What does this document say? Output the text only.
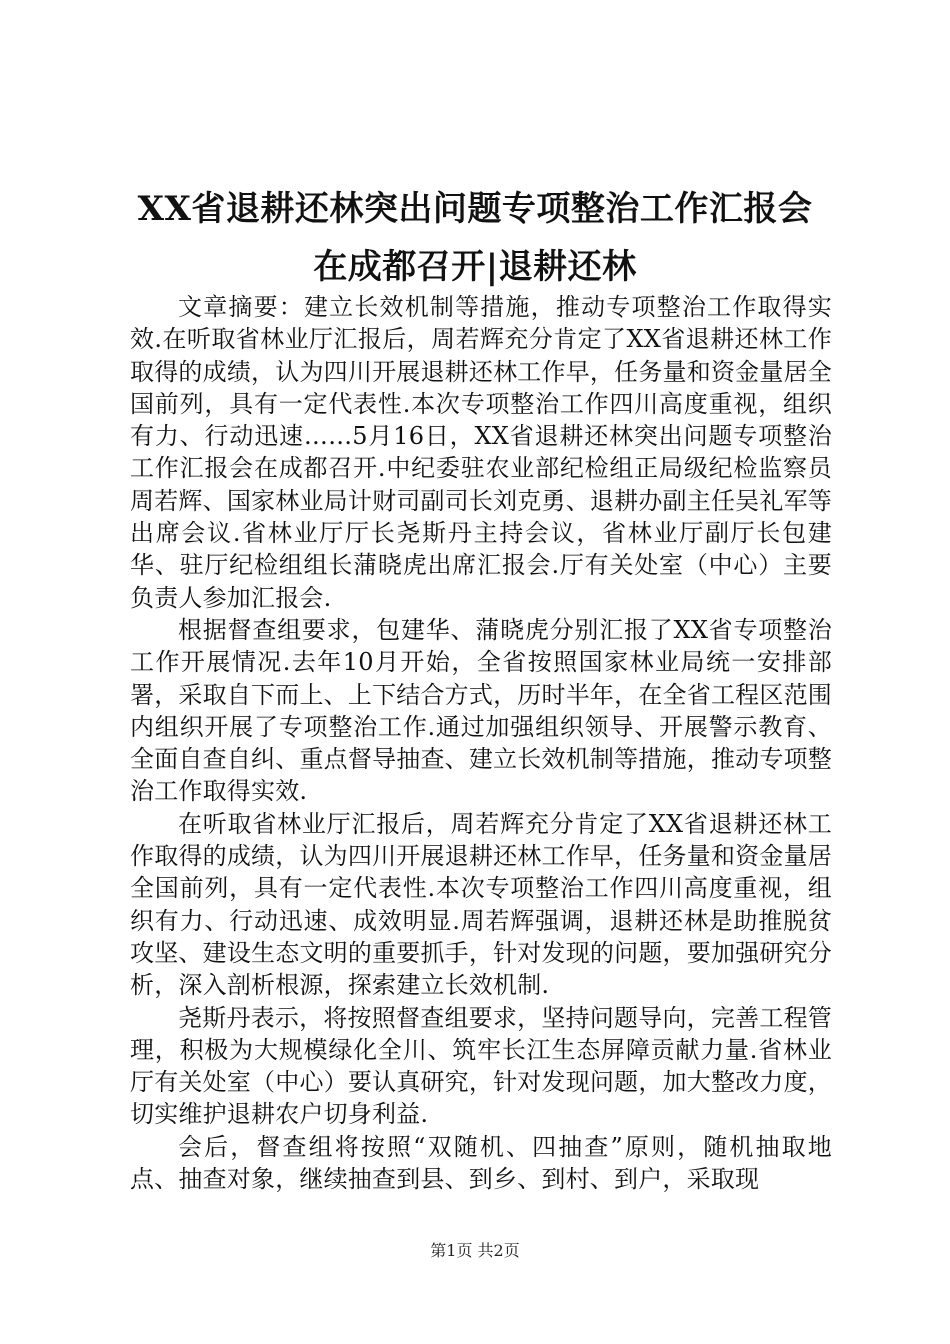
XX省退耕还林突出问题专项整治工作汇报会
在成都召开|退耕还林

文章摘要：建立长效机制等措施，推动专项整治工作取得实效.在听取省林业厅汇报后，周若辉充分肯定了XX省退耕还林工作取得的成绩，认为四川开展退耕还林工作早，任务量和资金量居全国前列，具有一定代表性.本次专项整治工作四川高度重视，组织有力、行动迅速……5月16日，XX省退耕还林突出问题专项整治工作汇报会在成都召开.中纪委驻农业部纪检组正局级纪检监察员周若辉、国家林业局计财司副司长刘克勇、退耕办副主任吴礼军等出席会议.省林业厅厅长尧斯丹主持会议，省林业厅副厅长包建华、驻厅纪检组组长蒲晓虎出席汇报会.厅有关处室（中心）主要负责人参加汇报会.

根据督查组要求，包建华、蒲晓虎分别汇报了XX省专项整治工作开展情况.去年10月开始，全省按照国家林业局统一安排部署，采取自下而上、上下结合方式，历时半年，在全省工程区范围内组织开展了专项整治工作.通过加强组织领导、开展警示教育、全面自查自纠、重点督导抽查、建立长效机制等措施，推动专项整治工作取得实效.

在听取省林业厅汇报后，周若辉充分肯定了XX省退耕还林工作取得的成绩，认为四川开展退耕还林工作早，任务量和资金量居全国前列，具有一定代表性.本次专项整治工作四川高度重视，组织有力、行动迅速、成效明显.周若辉强调，退耕还林是助推脱贫攻坚、建设生态文明的重要抓手，针对发现的问题，要加强研究分析，深入剖析根源，探索建立长效机制.

尧斯丹表示，将按照督查组要求，坚持问题导向，完善工程管理，积极为大规模绿化全川、筑牢长江生态屏障贡献力量.省林业厅有关处室（中心）要认真研究，针对发现问题，加大整改力度，切实维护退耕农户切身利益.

会后，督查组将按照“双随机、四抽查”原则，随机抽取地点、抽查对象，继续抽查到县、到乡、到村、到户，采取现

第1页 共2页
